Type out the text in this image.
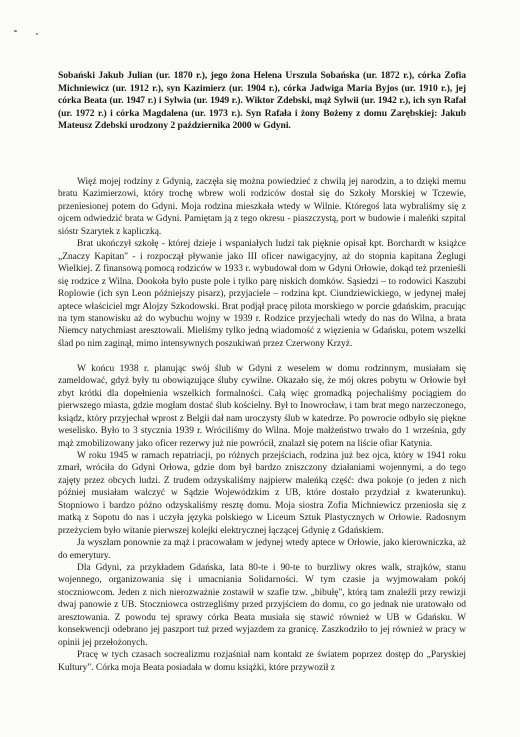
Sobański Jakub Julian (ur. 1870 r.), jego żona Helena Urszula Sobańska (ur. 1872 r.), córka Zofia Michniewicz (ur. 1912 r.), syn Kazimierz (ur. 1904 r.), córka Jadwiga Maria Byjos (ur. 1910 r.), jej córka Beata (ur. 1947 r.) i Sylwia (ur. 1949 r.). Wiktor Zdebski, mąż Sylwii (ur. 1942 r.), ich syn Rafał (ur. 1972 r.) i córka Magdalena (ur. 1973 r.). Syn Rafała i żony Bożeny z domu Zarębskiej: Jakub Mateusz Zdebski urodzony 2 października 2000 w Gdyni.

Więź mojej rodziny z Gdynią, zaczęła się można powiedzieć z chwilą jej narodzin, a to dzięki memu bratu Kazimierzowi, który trochę wbrew woli rodziców dostał się do Szkoły Morskiej w Tczewie, przeniesionej potem do Gdyni. Moja rodzina mieszkała wtedy w Wilnie. Któregoś lata wybraliśmy się z ojcem odwiedzić brata w Gdyni. Pamiętam ją z tego okresu - piaszczystą, port w budowie i maleńki szpital sióstr Szarytek z kapliczką.

Brat ukończył szkołę - której dzieje i wspaniałych ludzi tak pięknie opisał kpt. Borchardt w książce „Znaczy Kapitan" - i rozpoczął pływanie jako III oficer nawigacyjny, aż do stopnia kapitana Żeglugi Wielkiej. Z finansową pomocą rodziców w 1933 r. wybudował dom w Gdyni Orłowie, dokąd też przenieśli się rodzice z Wilna. Dookoła było puste pole i tylko parę niskich domków. Sąsiedzi – to rodowici Kaszubi Roplowie (ich syn Leon późniejszy pisarz), przyjaciele – rodzina kpt. Ciundziewickiego, w jedynej małej aptece właściciel mgr Alojzy Szkodowski. Brat podjął pracę pilota morskiego w porcie gdańskim, pracując na tym stanowisku aż do wybuchu wojny w 1939 r. Rodzice przyjechali wtedy do nas do Wilna, a brata Niemcy natychmiast aresztowali. Mieliśmy tylko jedną wiadomość z więzienia w Gdańsku, potem wszelki ślad po nim zaginął, mimo intensywnych poszukiwań przez Czerwony Krzyż.

W końcu 1938 r. planując swój ślub w Gdyni z weselem w domu rodzinnym, musiałam się zameldować, gdyż były tu obowiązujące śluby cywilne. Okazało się, że mój okres pobytu w Orłowie był zbyt krótki dla dopełnienia wszelkich formalności. Całą więc gromadką pojechaliśmy pociągiem do pierwszego miasta, gdzie mogłam dostać ślub kościelny. Był to Inowrocław, i tam brat mego narzeczonego, ksiądz, który przyjechał wprost z Belgii dał nam uroczysty ślub w katedrze. Po powrocie odbyło się piękne weselisko. Było to 3 stycznia 1939 r. Wróciliśmy do Wilna. Moje małżeństwo trwało do 1 września, gdy mąż zmobilizowany jako oficer rezerwy już nie powrócił, znalazł się potem na liście ofiar Katynia.

W roku 1945 w ramach repatriacji, po różnych przejściach, rodzina już bez ojca, który w 1941 roku zmarł, wróciła do Gdyni Orłowa, gdzie dom był bardzo zniszczony działaniami wojennymi, a do tego zajęty przez obcych ludzi. Z trudem odzyskaliśmy najpierw maleńką część: dwa pokoje (o jeden z nich później musiałam walczyć w Sądzie Wojewódzkim z UB, które dostało przydział z kwaterunku). Stopniowo i bardzo późno odzyskaliśmy resztę domu. Moja siostra Zofia Michniewicz przeniosła się z matką z Sopotu do nas i uczyła języka polskiego w Liceum Sztuk Plastycznych w Orłowie. Radosnym przeżyciem było witanie pierwszej kolejki elektrycznej łączącej Gdynię z Gdańskiem.

Ja wyszłam ponownie za mąż i pracowałam w jedynej wtedy aptece w Orłowie, jako kierowniczka, aż do emerytury.

Dla Gdyni, za przykładem Gdańska, lata 80-te i 90-te to burzliwy okres walk, strajków, stanu wojennego, organizowania się i umacniania Solidarności. W tym czasie ja wyjmowałam pokój stoczniowcom. Jeden z nich nierozważnie zostawił w szafie tzw. „bibułę", którą tam znaleźli przy rewizji dwaj panowie z UB. Stoczniowca ostrzegliśmy przed przyjściem do domu, co go jednak nie uratowało od aresztowania. Z powodu tej sprawy córka Beata musiała się stawić również w UB w Gdańsku. W konsekwencji odebrano jej paszport tuż przed wyjazdem za granicę. Zaszkodziło to jej również w pracy w opinii jej przełożonych.

Pracę w tych czasach socrealizmu rozjaśniał nam kontakt ze światem poprzez dostęp do „Paryskiej Kultury". Córka moja Beata posiadała w domu książki, które przywoził z
